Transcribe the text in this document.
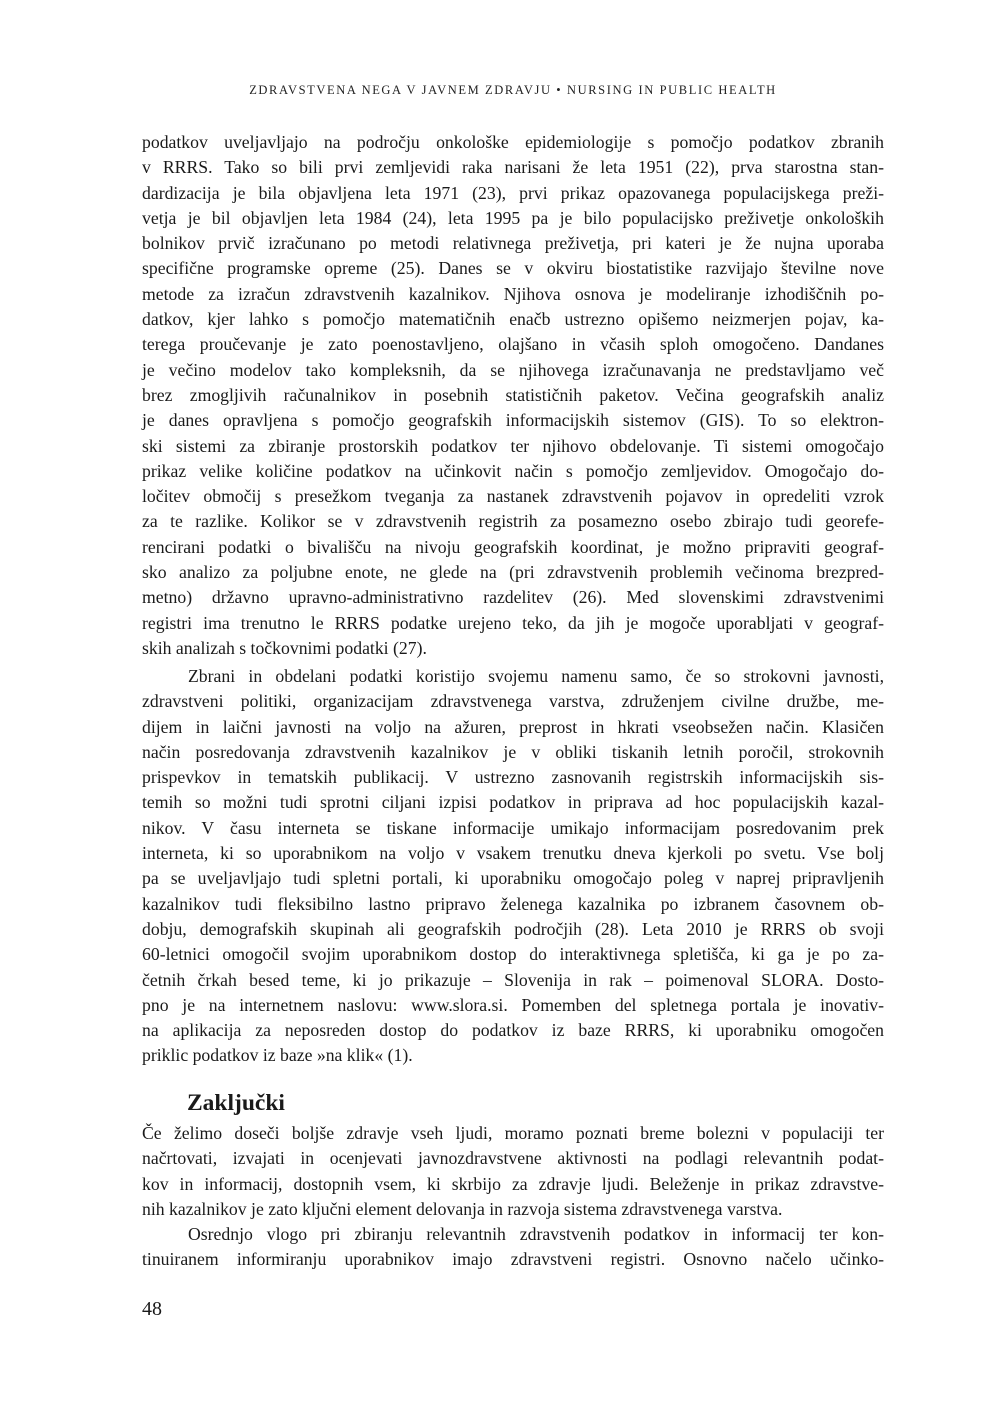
ZDRAVSTVENA NEGA V JAVNEM ZDRAVJU • NURSING IN PUBLIC HEALTH
podatkov uveljavljajo na področju onkološke epidemiologije s pomočjo podatkov zbranih
v RRRS. Tako so bili prvi zemljevidi raka narisani že leta 1951 (22), prva starostna stan-
dardizacija je bila objavljena leta 1971 (23), prvi prikaz opazovanega populacijskega preži-
vetja je bil objavljen leta 1984 (24), leta 1995 pa je bilo populacijsko preživetje onkoloških
bolnikov prvič izračunano po metodi relativnega preživetja, pri kateri je že nujna uporaba
specifične programske opreme (25). Danes se v okviru biostatistike razvijajo številne nove
metode za izračun zdravstvenih kazalnikov. Njihova osnova je modeliranje izhodiščnih po-
datkov, kjer lahko s pomočjo matematičnih enačb ustrezno opišemo neizmerjen pojav, ka-
terega proučevanje je zato poenostavljeno, olajšano in včasih sploh omogočeno. Dandanes
je večino modelov tako kompleksnih, da se njihovega izračunavanja ne predstavljamo več
brez zmogljivih računalnikov in posebnih statističnih paketov. Večina geografskih analiz
je danes opravljena s pomočjo geografskih informacijskih sistemov (GIS). To so elektron-
ski sistemi za zbiranje prostorskih podatkov ter njihovo obdelovanje. Ti sistemi omogočajo
prikaz velike količine podatkov na učinkovit način s pomočjo zemljevidov. Omogočajo do-
ločitev območij s presežkom tveganja za nastanek zdravstvenih pojavov in opredeliti vzrok
za te razlike. Kolikor se v zdravstvenih registrih za posamezno osebo zbirajo tudi georefe-
rencirani podatki o bivališču na nivoju geografskih koordinat, je možno pripraviti geograf-
sko analizo za poljubne enote, ne glede na (pri zdravstvenih problemih večinoma brezpred-
metno) državno upravno-administrativno razdelitev (26). Med slovenskimi zdravstvenimi
registri ima trenutno le RRRS podatke urejeno teko, da jih je mogoče uporabljati v geograf-
skih analizah s točkovnimi podatki (27).
Zbrani in obdelani podatki koristijo svojemu namenu samo, če so strokovni javnosti,
zdravstveni politiki, organizacijam zdravstvenega varstva, združenjem civilne družbe, me-
dijem in laični javnosti na voljo na ažuren, preprost in hkrati vseobsežen način. Klasičen
način posredovanja zdravstvenih kazalnikov je v obliki tiskanih letnih poročil, strokovnih
prispevkov in tematskih publikacij. V ustrezno zasnovanih registrskih informacijskih sis-
temih so možni tudi sprotni ciljani izpisi podatkov in priprava ad hoc populacijskih kazal-
nikov. V času interneta se tiskane informacije umikajo informacijam posredovanim prek
interneta, ki so uporabnikom na voljo v vsakem trenutku dneva kjerkoli po svetu. Vse bolj
pa se uveljavljajo tudi spletni portali, ki uporabniku omogočajo poleg v naprej pripravljenih
kazalnikov tudi fleksibilno lastno pripravo želenega kazalnika po izbranem časovnem ob-
dobju, demografskih skupinah ali geografskih področjih (28). Leta 2010 je RRRS ob svoji
60-letnici omogočil svojim uporabnikom dostop do interaktivnega spletišča, ki ga je po za-
četnih črkah besed teme, ki jo prikazuje – Slovenija in rak – poimenoval SLORA. Dosto-
pno je na internetnem naslovu: www.slora.si. Pomemben del spletnega portala je inovativ-
na aplikacija za neposreden dostop do podatkov iz baze RRRS, ki uporabniku omogočen
priklic podatkov iz baze »na klik« (1).
Zaključki
Če želimo doseči boljše zdravje vseh ljudi, moramo poznati breme bolezni v populaciji ter
načrtovati, izvajati in ocenjevati javnozdravstvene aktivnosti na podlagi relevantnih podat-
kov in informacij, dostopnih vsem, ki skrbijo za zdravje ljudi. Beleženje in prikaz zdravstve-
nih kazalnikov je zato ključni element delovanja in razvoja sistema zdravstvenega varstva.
Osrednjo vlogo pri zbiranju relevantnih zdravstvenih podatkov in informacij ter kon-
tinuiranem informiranju uporabnikov imajo zdravstveni registri. Osnovno načelo učinko-
48
